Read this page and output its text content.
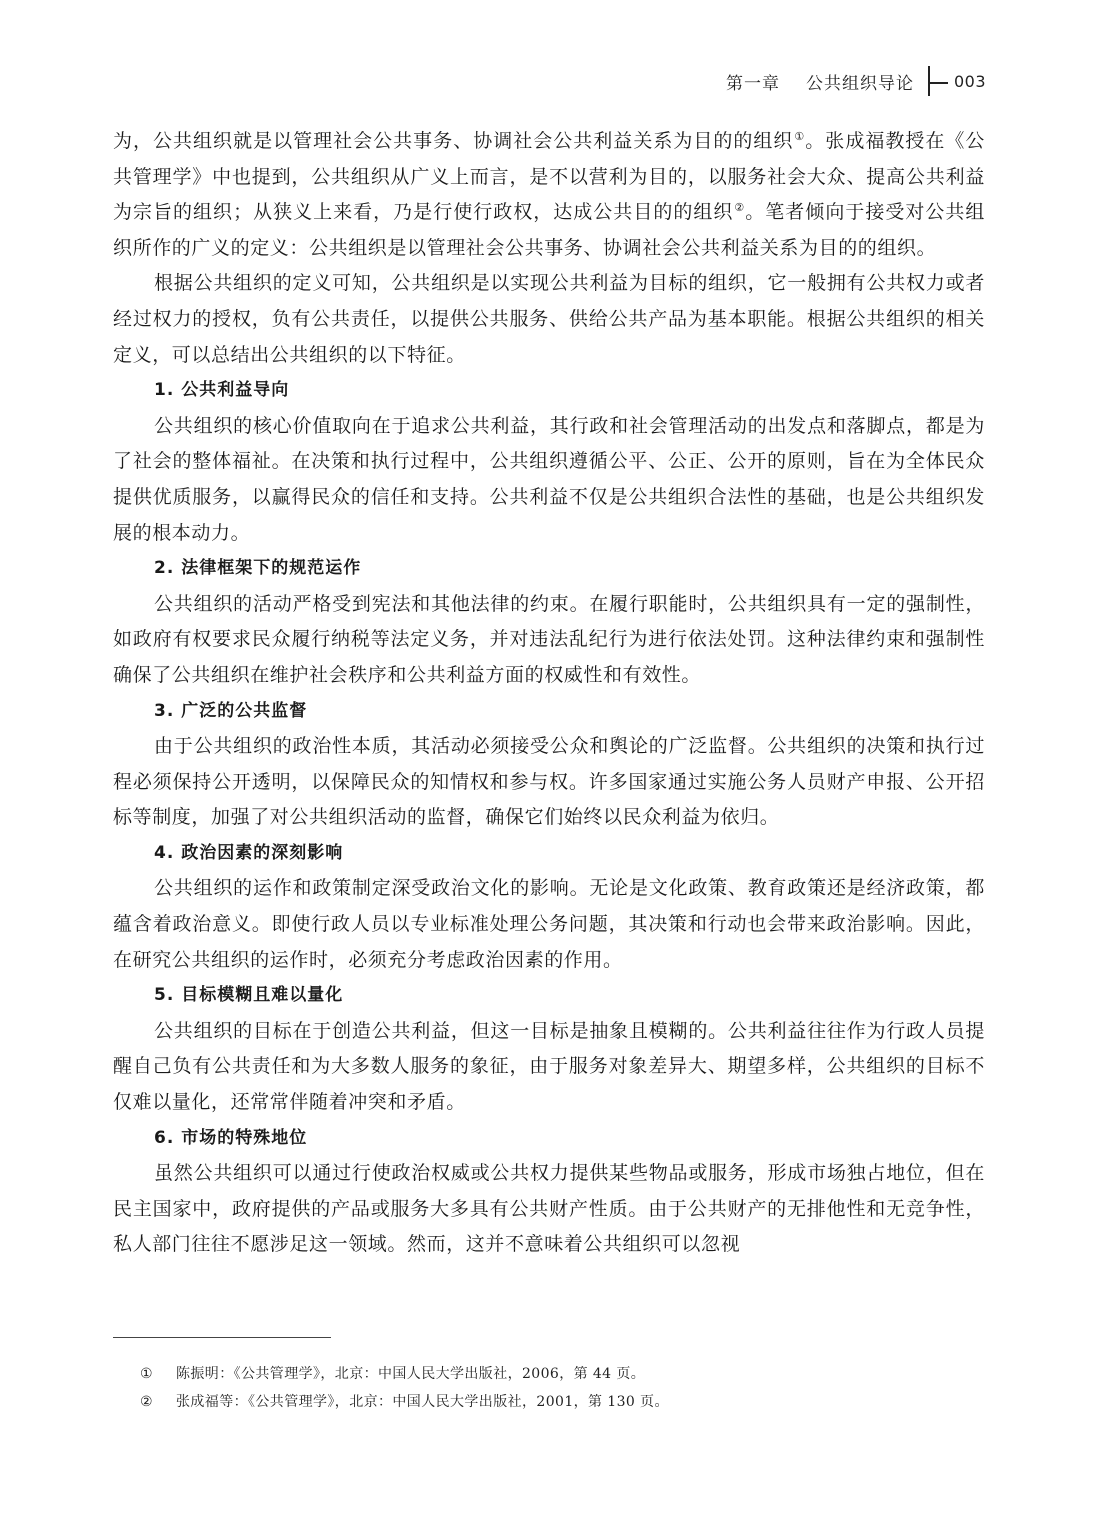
第一章 公共组织导论	003

为，公共组织就是以管理社会公共事务、协调社会公共利益关系为目的的组织①。张成福教授在《公共管理学》中也提到，公共组织从广义上而言，是不以营利为目的，以服务社会大众、提高公共利益为宗旨的组织；从狭义上来看，乃是行使行政权，达成公共目的的组织②。笔者倾向于接受对公共组织所作的广义的定义：公共组织是以管理社会公共事务、协调社会公共利益关系为目的的组织。

根据公共组织的定义可知，公共组织是以实现公共利益为目标的组织，它一般拥有公共权力或者经过权力的授权，负有公共责任，以提供公共服务、供给公共产品为基本职能。根据公共组织的相关定义，可以总结出公共组织的以下特征。

1. 公共利益导向

公共组织的核心价值取向在于追求公共利益，其行政和社会管理活动的出发点和落脚点，都是为了社会的整体福祉。在决策和执行过程中，公共组织遵循公平、公正、公开的原则，旨在为全体民众提供优质服务，以赢得民众的信任和支持。公共利益不仅是公共组织合法性的基础，也是公共组织发展的根本动力。

2. 法律框架下的规范运作

公共组织的活动严格受到宪法和其他法律的约束。在履行职能时，公共组织具有一定的强制性，如政府有权要求民众履行纳税等法定义务，并对违法乱纪行为进行依法处罚。这种法律约束和强制性确保了公共组织在维护社会秩序和公共利益方面的权威性和有效性。

3. 广泛的公共监督

由于公共组织的政治性本质，其活动必须接受公众和舆论的广泛监督。公共组织的决策和执行过程必须保持公开透明，以保障民众的知情权和参与权。许多国家通过实施公务人员财产申报、公开招标等制度，加强了对公共组织活动的监督，确保它们始终以民众利益为依归。

4. 政治因素的深刻影响

公共组织的运作和政策制定深受政治文化的影响。无论是文化政策、教育政策还是经济政策，都蕴含着政治意义。即使行政人员以专业标准处理公务问题，其决策和行动也会带来政治影响。因此，在研究公共组织的运作时，必须充分考虑政治因素的作用。

5. 目标模糊且难以量化

公共组织的目标在于创造公共利益，但这一目标是抽象且模糊的。公共利益往往作为行政人员提醒自己负有公共责任和为大多数人服务的象征，由于服务对象差异大、期望多样，公共组织的目标不仅难以量化，还常常伴随着冲突和矛盾。

6. 市场的特殊地位

虽然公共组织可以通过行使政治权威或公共权力提供某些物品或服务，形成市场独占地位，但在民主国家中，政府提供的产品或服务大多具有公共财产性质。由于公共财产的无排他性和无竞争性，私人部门往往不愿涉足这一领域。然而，这并不意味着公共组织可以忽视

①	陈振明：《公共管理学》，北京：中国人民大学出版社，2006，第 44 页。
②	张成福等：《公共管理学》，北京：中国人民大学出版社，2001，第 130 页。
